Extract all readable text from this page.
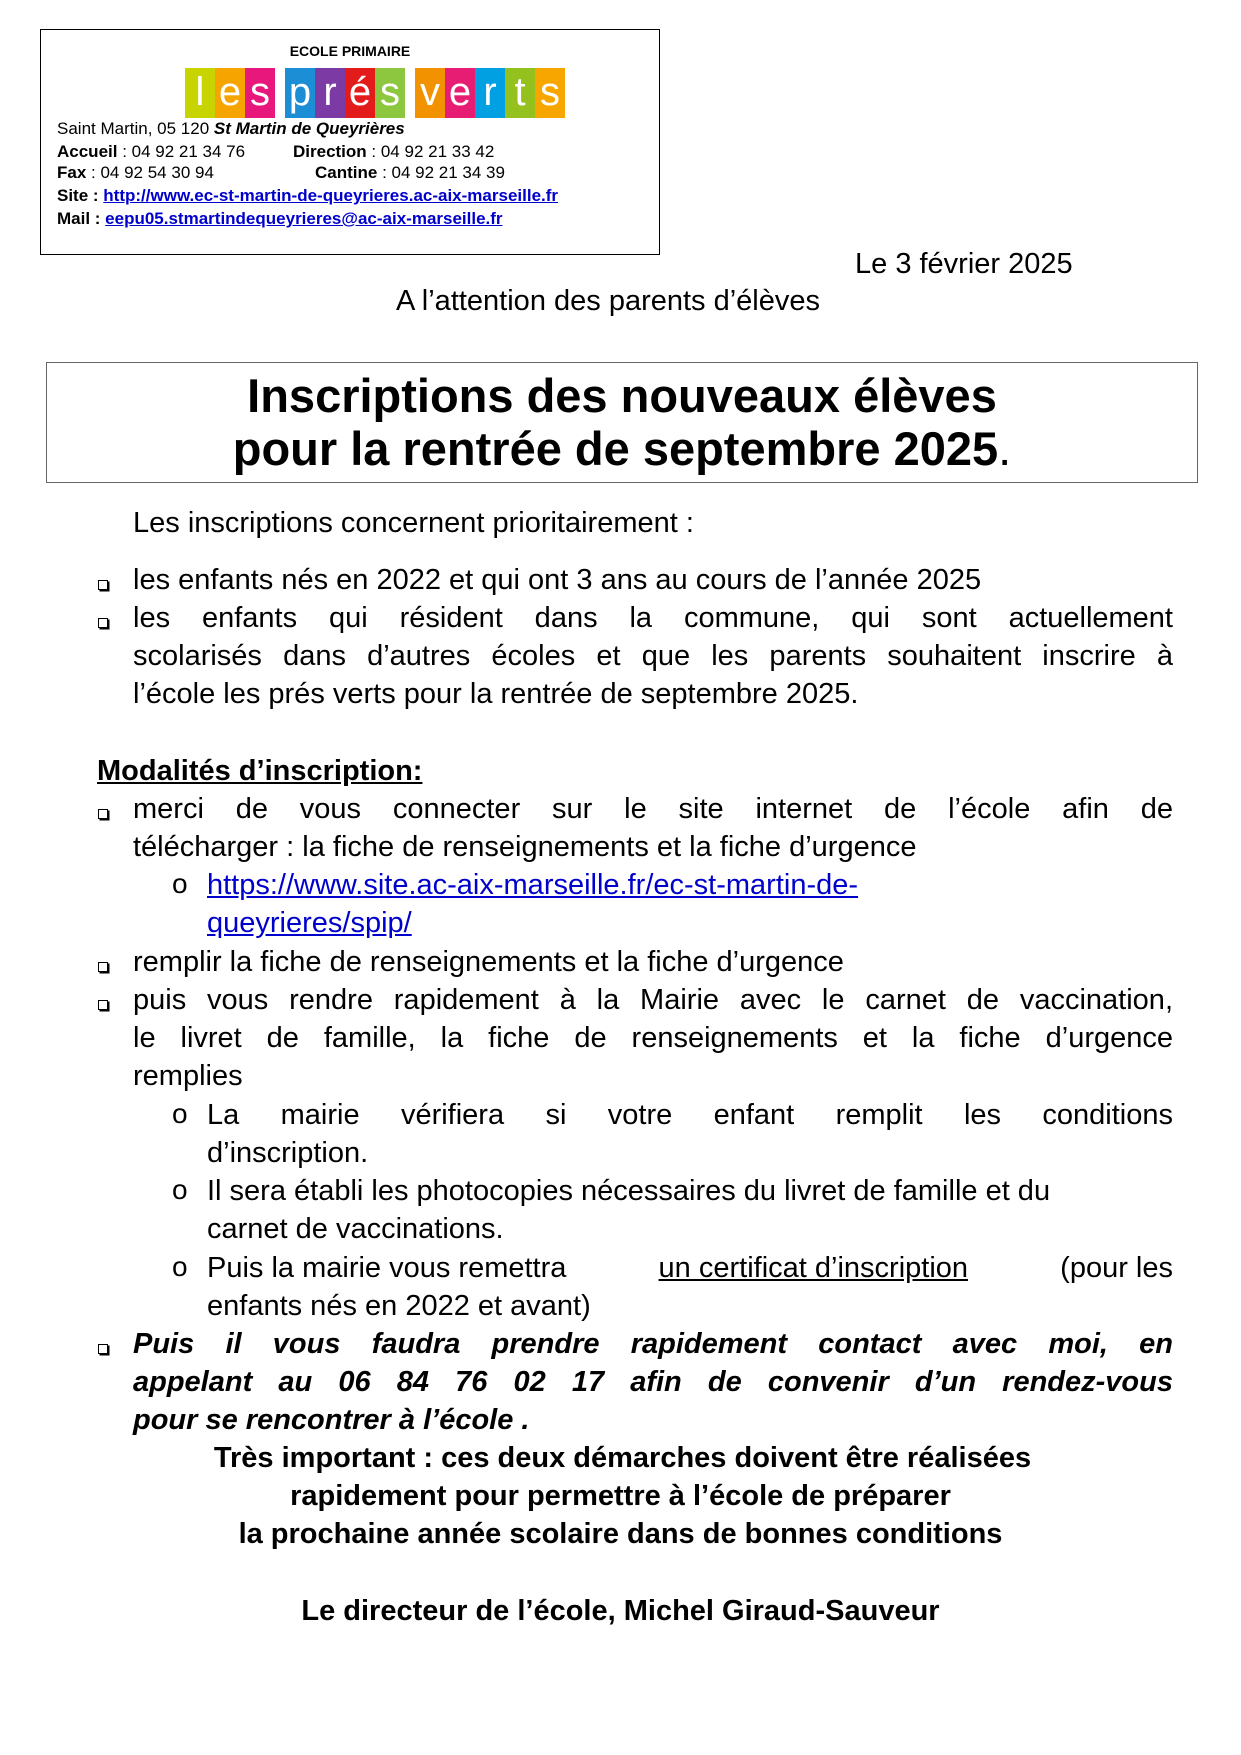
ECOLE PRIMAIRE
l e s p r é s v e r t s
Saint Martin, 05 120 St Martin de Queyrières
Accueil : 04 92 21 34 76	Direction : 04 92 21 33 42
Fax : 04 92 54 30 94	Cantine : 04 92 21 34 39
Site : http://www.ec-st-martin-de-queyrieres.ac-aix-marseille.fr
Mail : eepu05.stmartindequeyrieres@ac-aix-marseille.fr
Le 3 février 2025
A l’attention des parents d’élèves
Inscriptions des nouveaux élèves
pour la rentrée de septembre 2025.
Les inscriptions concernent prioritairement :
les enfants nés en 2022 et qui ont 3 ans au cours de l’année 2025
les enfants qui résident dans la commune, qui sont actuellement
scolarisés dans d’autres écoles et que les parents souhaitent inscrire à
l’école les prés verts pour la rentrée de septembre 2025.
Modalités d’inscription:
merci de vous connecter sur le site internet de l’école afin de
télécharger : la fiche de renseignements et la fiche d’urgence
o https://www.site.ac-aix-marseille.fr/ec-st-martin-de-
queyrieres/spip/
remplir la fiche de renseignements et la fiche d’urgence
puis vous rendre rapidement à la Mairie avec le carnet de vaccination,
le livret de famille, la fiche de renseignements et la fiche d’urgence
remplies
o La mairie vérifiera si votre enfant remplit les conditions
d’inscription.
o Il sera établi les photocopies nécessaires du livret de famille et du
carnet de vaccinations.
o Puis la mairie vous remettra	un certificat d’inscription	(pour les
enfants nés en 2022 et avant)
Puis il vous faudra prendre rapidement contact avec moi, en
appelant au 06 84 76 02 17 afin de convenir d’un rendez-vous
pour se rencontrer à l’école .
Très important : ces deux démarches doivent être réalisées
rapidement pour permettre à l’école de préparer
la prochaine année scolaire dans de bonnes conditions
Le directeur de l’école, Michel Giraud-Sauveur
